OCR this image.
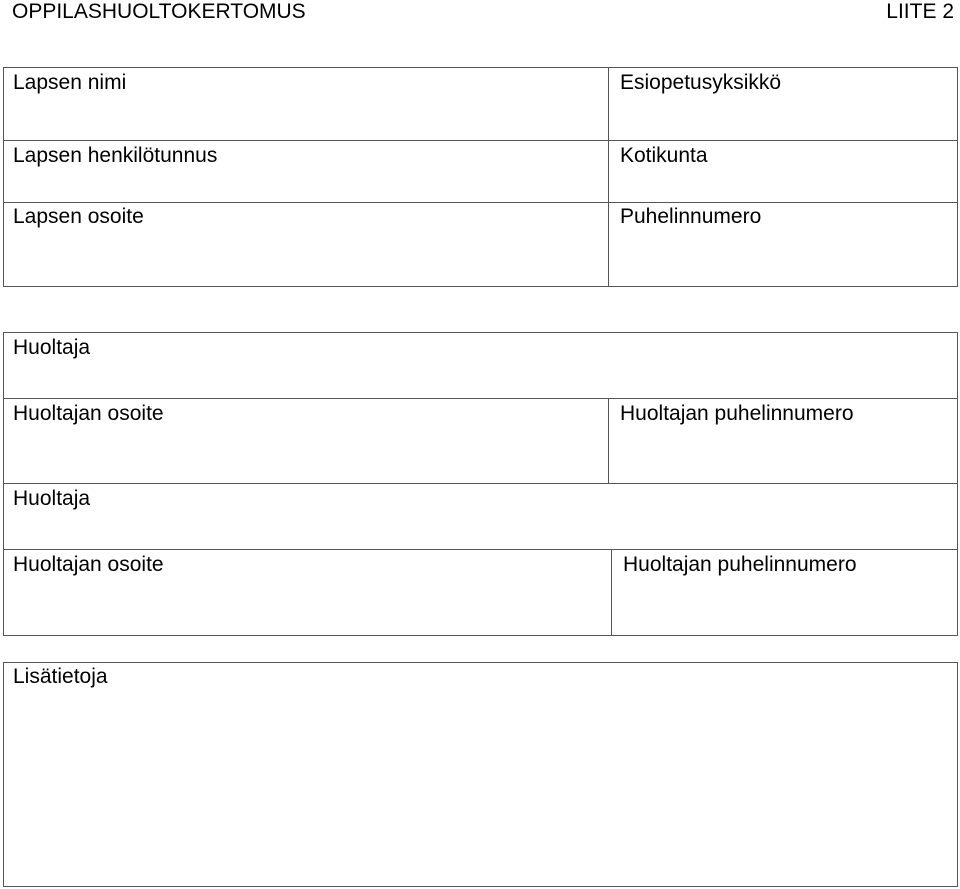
OPPILASHUOLTOKERTOMUS	LIITE 2
Lapsen nimi	Esiopetusyksikkö
Lapsen henkilötunnus	Kotikunta
Lapsen osoite	Puhelinnumero
Huoltaja
Huoltajan osoite	Huoltajan puhelinnumero
Huoltaja
Huoltajan osoite	Huoltajan puhelinnumero
Lisätietoja
